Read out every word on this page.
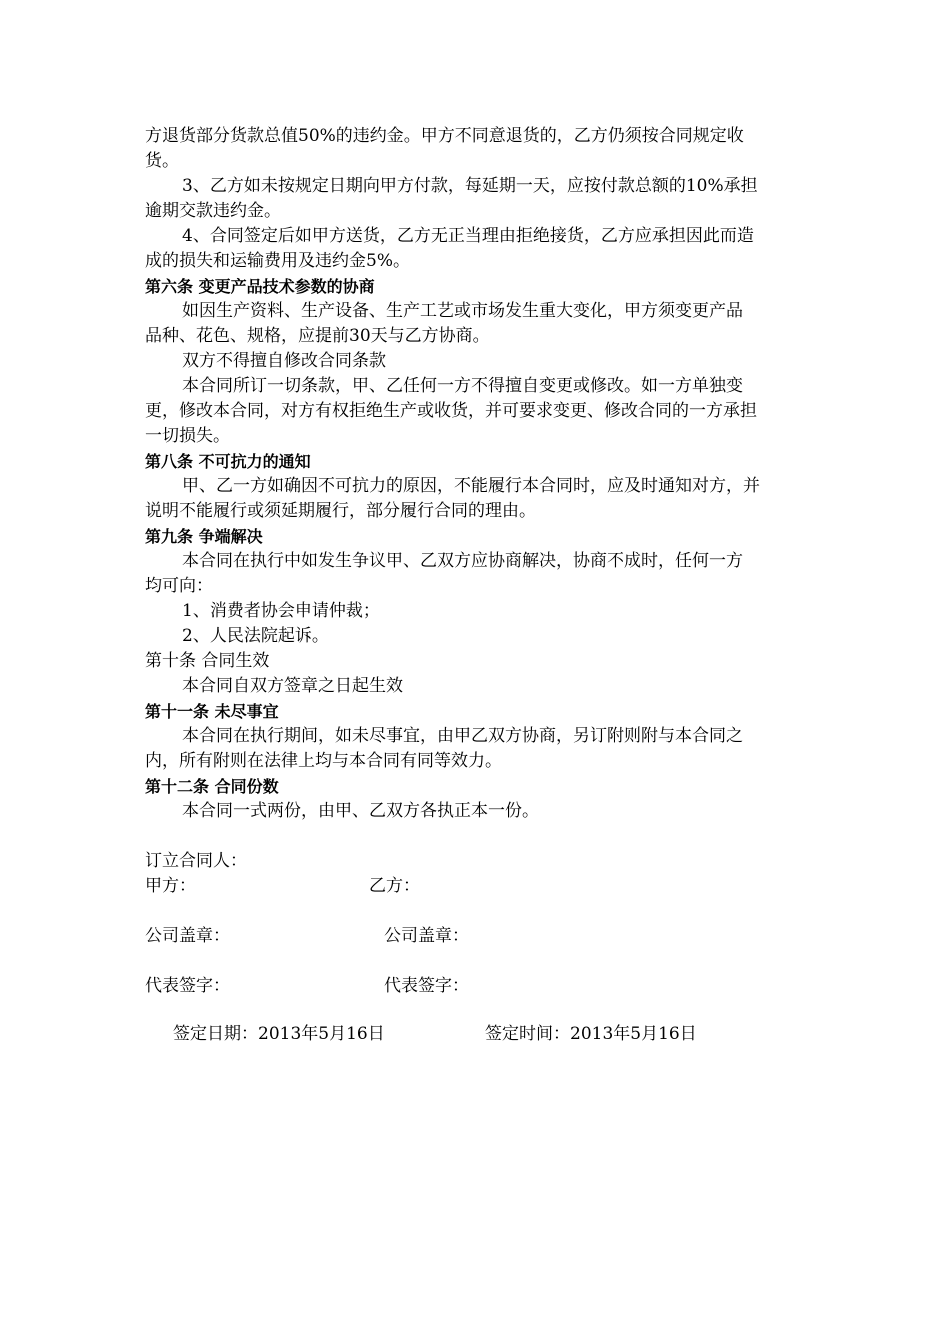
方退货部分货款总值50%的违约金。甲方不同意退货的，乙方仍须按合同规定收
货。
3、乙方如未按规定日期向甲方付款，每延期一天，应按付款总额的10%承担
逾期交款违约金。
4、合同签定后如甲方送货，乙方无正当理由拒绝接货，乙方应承担因此而造
成的损失和运输费用及违约金5%。
第六条 变更产品技术参数的协商
如因生产资料、生产设备、生产工艺或市场发生重大变化，甲方须变更产品
品种、花色、规格，应提前30天与乙方协商。
双方不得擅自修改合同条款
本合同所订一切条款，甲、乙任何一方不得擅自变更或修改。如一方单独变
更，修改本合同，对方有权拒绝生产或收货，并可要求变更、修改合同的一方承担
一切损失。
第八条 不可抗力的通知
甲、乙一方如确因不可抗力的原因，不能履行本合同时，应及时通知对方，并
说明不能履行或须延期履行，部分履行合同的理由。
第九条 争端解决
本合同在执行中如发生争议甲、乙双方应协商解决，协商不成时，任何一方
均可向：
1、消费者协会申请仲裁；
2、人民法院起诉。
第十条 合同生效
本合同自双方签章之日起生效
第十一条 未尽事宜
本合同在执行期间，如未尽事宜，由甲乙双方协商，另订附则附与本合同之
内，所有附则在法律上均与本合同有同等效力。
第十二条 合同份数
本合同一式两份，由甲、乙双方各执正本一份。
订立合同人：
甲方：	乙方：
公司盖章：	公司盖章：
代表签字：	代表签字：
签定日期：2013年5月16日	签定时间：2013年5月16日
